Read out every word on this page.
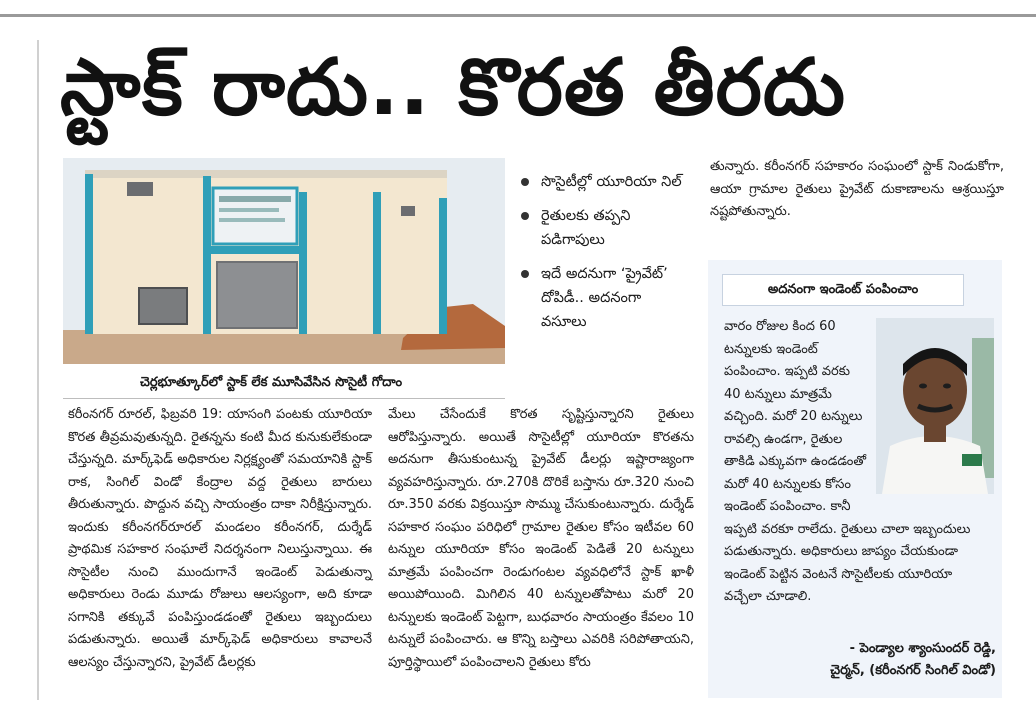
స్టాక్ రాదు.. కొరత తీరదు
చెర్లభూత్కూర్‌లో స్టాక్ లేక మూసివేసిన సొసైటీ గోదాం
సొసైటీల్లో యూరియా నిల్
రైతులకు తప్పని పడిగాపులు
ఇదే అదనుగా ‘ప్రైవేట్’ దోపిడీ.. అదనంగా వసూలు

కరీంనగర్ రూరల్, ఫిబ్రవరి 19: యాసంగి పంటకు యూరియా కొరత తీవ్రమవుతున్నది. రైతన్నను కంటి మీద కునుకులేకుండా చేస్తున్నది. మార్క్‌ఫెడ్ అధికారుల నిర్లక్ష్యంతో సమయానికి స్టాక్ రాక, సింగిల్ విండో కేంద్రాల వద్ద రైతులు బారులు తీరుతున్నారు. పొద్దున వచ్చి సాయంత్రం దాకా నిరీక్షిస్తున్నారు. ఇందుకు కరీంనగర్‌రూరల్ మండలం కరీంనగర్, దుర్శేడ్ ప్రాథమిక సహకార సంఘాలే నిదర్శనంగా నిలుస్తున్నాయి. ఈ సొసైటీల నుంచి ముందుగానే ఇండెంట్ పెడుతున్నా అధికారులు రెండు మూడు రోజులు ఆలస్యంగా, అది కూడా సగానికి తక్కువే పంపిస్తుండడంతో రైతులు ఇబ్బందులు పడుతున్నారు. అయితే మార్క్‌ఫెడ్ అధికారులు కావాలనే ఆలస్యం చేస్తున్నారని, ప్రైవేట్ డీలర్లకు

మేలు చేసేందుకే కొరత సృష్టిస్తున్నారని రైతులు ఆరోపిస్తున్నారు. అయితే సొసైటీల్లో యూరియా కొరతను అదనుగా తీసుకుంటున్న ప్రైవేట్ డీలర్లు ఇష్టారాజ్యంగా వ్యవహరిస్తున్నారు. రూ.270కి దొరికే బస్తాను రూ.320 నుంచి రూ.350 వరకు విక్రయిస్తూ సొమ్ము చేసుకుంటున్నారు. దుర్శేడ్ సహకార సంఘం పరిధిలో గ్రామాల రైతుల కోసం ఇటీవల 60 టన్నుల యూరియా కోసం ఇండెంట్ పెడితే 20 టన్నులు మాత్రమే పంపించగా రెండుగంటల వ్యవధిలోనే స్టాక్ ఖాళీ అయిపోయింది. మిగిలిన 40 టన్నులతోపాటు మరో 20 టన్నులకు ఇండెంట్ పెట్టగా, బుధవారం సాయంత్రం కేవలం 10 టన్నులే పంపించారు. ఆ కొన్ని బస్తాలు ఎవరికి సరిపోతాయని, పూర్తిస్థాయిలో పంపించాలని రైతులు కోరు

తున్నారు. కరీంనగర్ సహకారం సంఘంలో స్టాక్ నిండుకోగా, ఆయా గ్రామాల రైతులు ప్రైవేట్ దుకాణాలను ఆశ్రయిస్తూ నష్టపోతున్నారు.

అదనంగా ఇండెంట్ పంపించాం

వారం రోజుల కింద 60 టన్నులకు ఇండెంట్ పంపించాం. ఇప్పటి వరకు 40 టన్నులు మాత్రమే వచ్చింది. మరో 20 టన్నులు రావల్సి ఉండగా, రైతుల తాకిడి ఎక్కువగా ఉండడంతో మరో 40 టన్నులకు కోసం ఇండెంట్ పంపించాం. కానీ ఇప్పటి వరకూ రాలేదు. రైతులు చాలా ఇబ్బందులు పడుతున్నారు. అధికారులు జాప్యం చేయకుండా ఇండెంట్ పెట్టిన వెంటనే సొసైటీలకు యూరియా వచ్చేలా చూడాలి.

- పెండ్యాల శ్యాంసుందర్ రెడ్డి,
చైర్మన్, (కరీంనగర్ సింగిల్ విండో)
